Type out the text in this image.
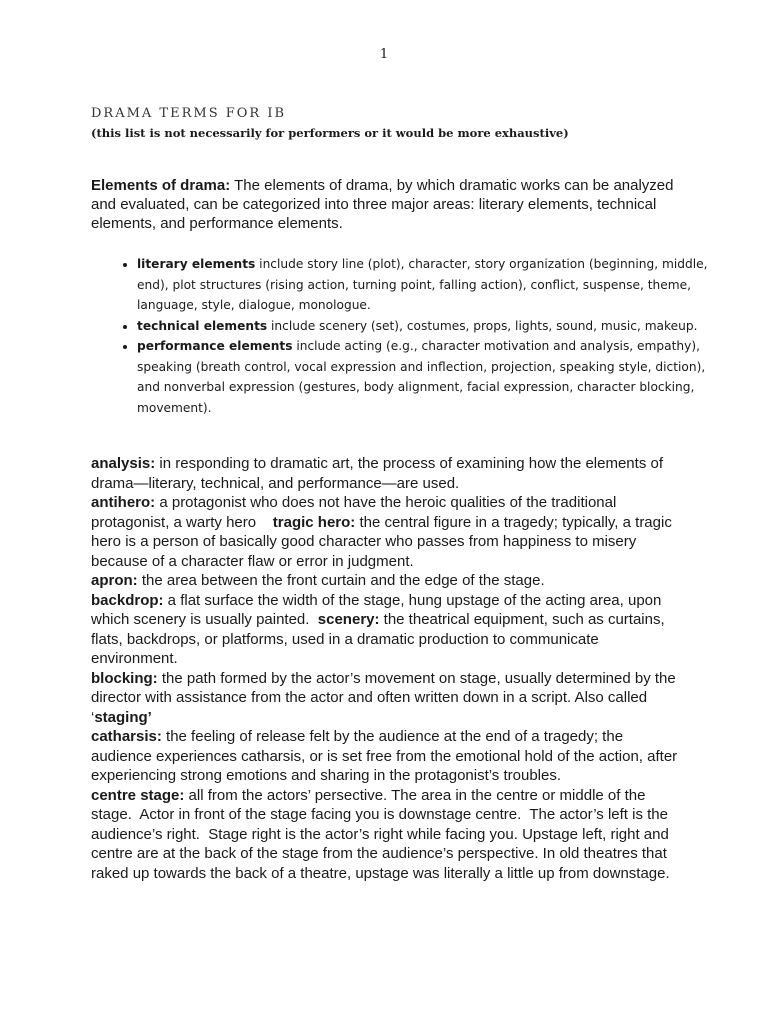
1
DRAMA TERMS FOR IB
(this list is not necessarily for performers or it would be more exhaustive)

Elements of drama: The elements of drama, by which dramatic works can be analyzed and evaluated, can be categorized into three major areas: literary elements, technical elements, and performance elements.

• literary elements include story line (plot), character, story organization (beginning, middle, end), plot structures (rising action, turning point, falling action), conflict, suspense, theme, language, style, dialogue, monologue.
• technical elements include scenery (set), costumes, props, lights, sound, music, makeup.
• performance elements include acting (e.g., character motivation and analysis, empathy), speaking (breath control, vocal expression and inflection, projection, speaking style, diction), and nonverbal expression (gestures, body alignment, facial expression, character blocking, movement).
analysis: in responding to dramatic art, the process of examining how the elements of drama—literary, technical, and performance—are used.
antihero: a protagonist who does not have the heroic qualities of the traditional protagonist, a warty hero    tragic hero: the central figure in a tragedy; typically, a tragic hero is a person of basically good character who passes from happiness to misery because of a character flaw or error in judgment.
apron: the area between the front curtain and the edge of the stage.
backdrop: a flat surface the width of the stage, hung upstage of the acting area, upon which scenery is usually painted.  scenery: the theatrical equipment, such as curtains, flats, backdrops, or platforms, used in a dramatic production to communicate environment.
blocking: the path formed by the actor’s movement on stage, usually determined by the director with assistance from the actor and often written down in a script. Also called ‘staging’
catharsis: the feeling of release felt by the audience at the end of a tragedy; the audience experiences catharsis, or is set free from the emotional hold of the action, after experiencing strong emotions and sharing in the protagonist’s troubles.
centre stage: all from the actors’ persective. The area in the centre or middle of the stage.  Actor in front of the stage facing you is downstage centre.  The actor’s left is the audience’s right.  Stage right is the actor’s right while facing you. Upstage left, right and centre are at the back of the stage from the audience’s perspective. In old theatres that raked up towards the back of a theatre, upstage was literally a little up from downstage.
